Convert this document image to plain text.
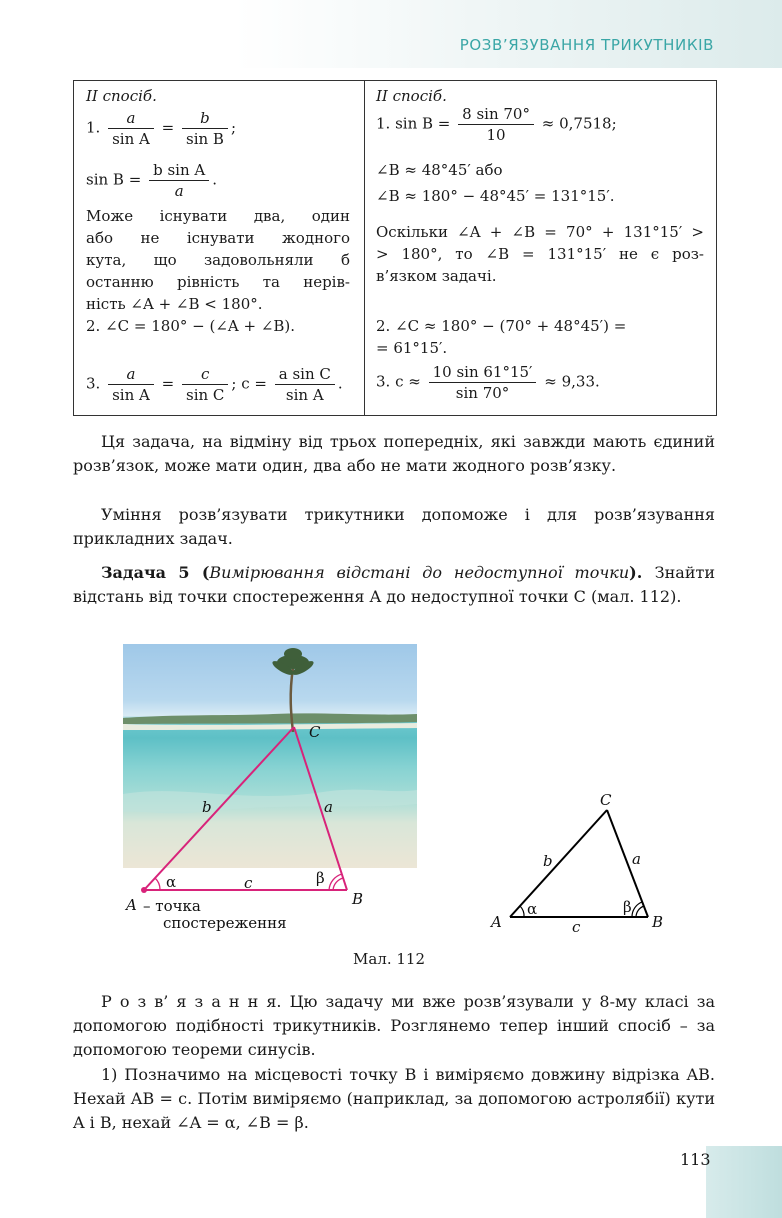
РОЗВ’ЯЗУВАННЯ ТРИКУТНИКІВ
ІІ спосіб.
1. $\frac{a}{\text{sin A}} = \frac{b}{\text{sin B}}$ ;
$\sin B = \frac{\text{b sin A}}{a}$ .
Може існувати два, один
або не існувати жодного
кута, що задовольняли б
останню рівність та нерів-
ність ∠A + ∠B < 180°.
2. ∠C = 180° − (∠A + ∠B).
3. $\frac{a}{\text{sin A}} = \frac{c}{\text{sin C}}$ ; $c = \frac{\text{a sin C}}{\text{sin A}}$ .
ІІ спосіб.
1. $\sin B = \frac{8 \sin 70^\circ}{10} \approx 0,7518$;
∠B ≈ 48°45′ або
∠B ≈ 180° − 48°45′ = 131°15′.
Оскільки ∠A + ∠B = 70° + 131°15′ >
> 180°, то ∠B = 131°15′ не є роз-
в’язком задачі.
2. ∠C ≈ 180° − (70° + 48°45′) =
= 61°15′.
3. $c \approx \frac{10 \sin 61^\circ 15'}{\sin 70^\circ} \approx 9,33$.
Ця задача, на відміну від трьох попередніх, які завжди мають єдиний розв’язок, може мати один, два або не мати жодного розв’язку.
Уміння розв’язувати трикутники допоможе і для розв’язування прикладних задач.
Задача 5 (Вимірювання відстані до недоступної точки). Знайти відстань від точки спостереження A до недоступної точки C (мал. 112).
C
b	a
c
A	B
α	β
– точка
спостереження
C
b	a
c
A	B
α	β
Мал. 112
Р о з в’ я з а н н я. Цю задачу ми вже розв’язували у 8-му класі за допомогою подібності трикутників. Розглянемо тепер інший спосіб – за допомогою теореми синусів.
1) Позначимо на місцевості точку B і виміряємо довжину відрізка AB. Нехай AB = c. Потім виміряємо (наприклад, за допомогою астролябії) кути A і B, нехай ∠A = α, ∠B = β.
113
